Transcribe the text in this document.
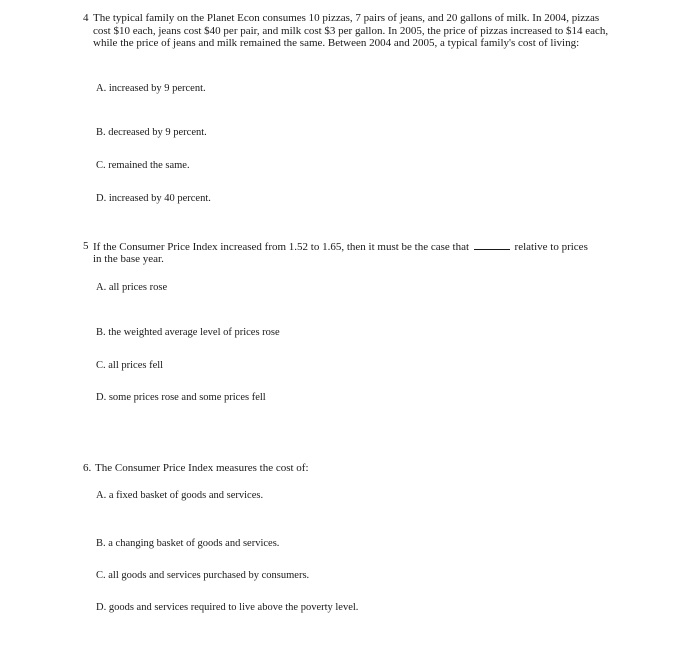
4 The typical family on the Planet Econ consumes 10 pizzas, 7 pairs of jeans, and 20 gallons of milk. In 2004, pizzas cost $10 each, jeans cost $40 per pair, and milk cost $3 per gallon. In 2005, the price of pizzas increased to $14 each, while the price of jeans and milk remained the same. Between 2004 and 2005, a typical family's cost of living:
A. increased by 9 percent.
B. decreased by 9 percent.
C. remained the same.
D. increased by 40 percent.
5 If the Consumer Price Index increased from 1.52 to 1.65, then it must be the case that	relative to prices
in the base year.
A. all prices rose
B. the weighted average level of prices rose
C. all prices fell
D. some prices rose and some prices fell
6. The Consumer Price Index measures the cost of:
A. a fixed basket of goods and services.
B. a changing basket of goods and services.
C. all goods and services purchased by consumers.
D. goods and services required to live above the poverty level.
